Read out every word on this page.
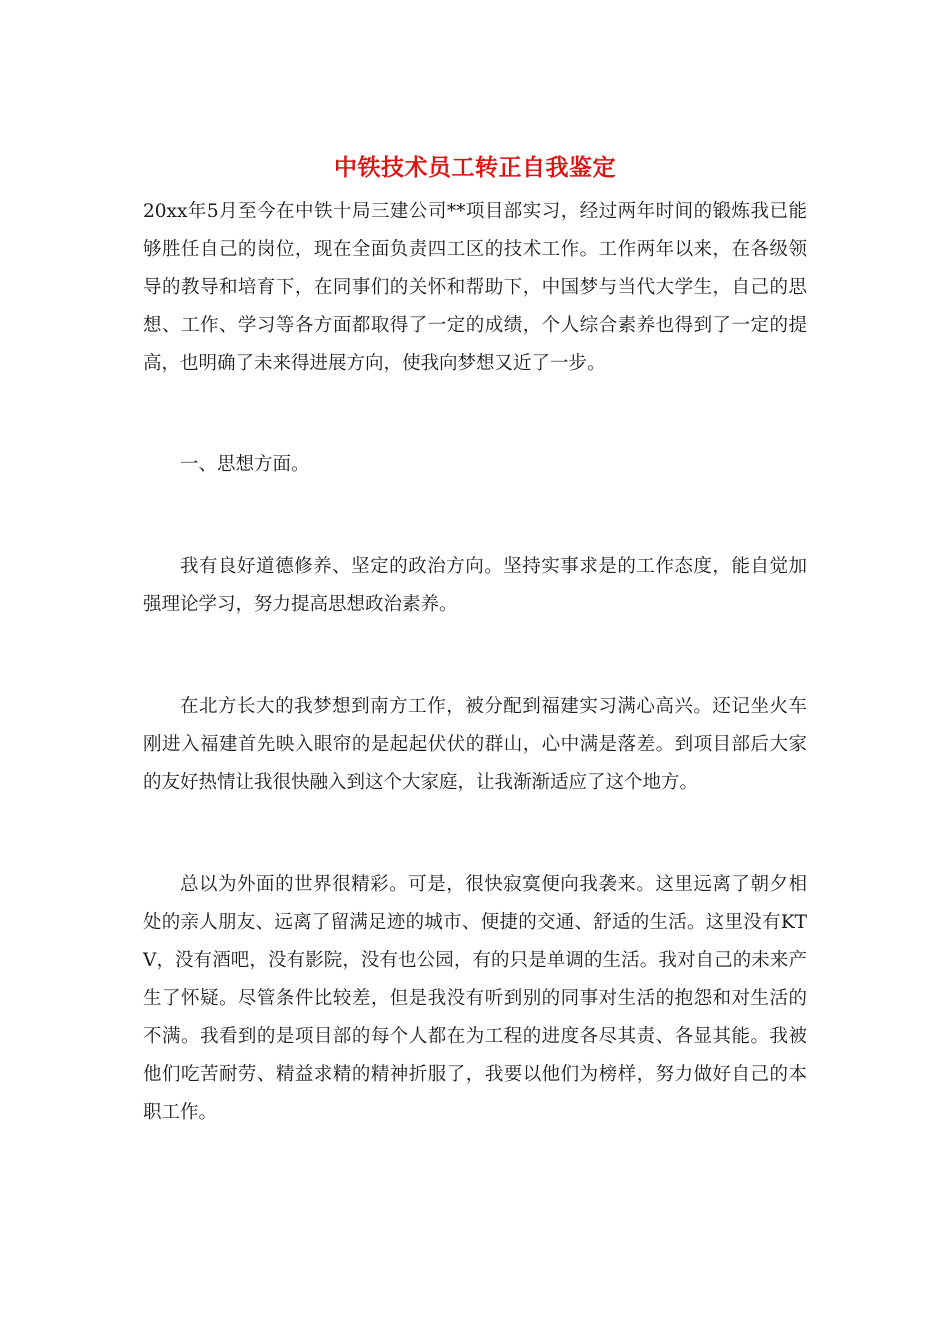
中铁技术员工转正自我鉴定

20xx年5月至今在中铁十局三建公司**项目部实习，经过两年时间的锻炼我已能够胜任自己的岗位，现在全面负责四工区的技术工作。工作两年以来，在各级领导的教导和培育下，在同事们的关怀和帮助下，中国梦与当代大学生，自己的思想、工作、学习等各方面都取得了一定的成绩，个人综合素养也得到了一定的提高，也明确了未来得进展方向，使我向梦想又近了一步。

一、思想方面。

我有良好道德修养、坚定的政治方向。坚持实事求是的工作态度，能自觉加强理论学习，努力提高思想政治素养。

在北方长大的我梦想到南方工作，被分配到福建实习满心高兴。还记坐火车刚进入福建首先映入眼帘的是起起伏伏的群山，心中满是落差。到项目部后大家的友好热情让我很快融入到这个大家庭，让我渐渐适应了这个地方。

总以为外面的世界很精彩。可是，很快寂寞便向我袭来。这里远离了朝夕相处的亲人朋友、远离了留满足迹的城市、便捷的交通、舒适的生活。这里没有KTV，没有酒吧，没有影院，没有也公园，有的只是单调的生活。我对自己的未来产生了怀疑。尽管条件比较差，但是我没有听到别的同事对生活的抱怨和对生活的不满。我看到的是项目部的每个人都在为工程的进度各尽其责、各显其能。我被他们吃苦耐劳、精益求精的精神折服了，我要以他们为榜样，努力做好自己的本职工作。
